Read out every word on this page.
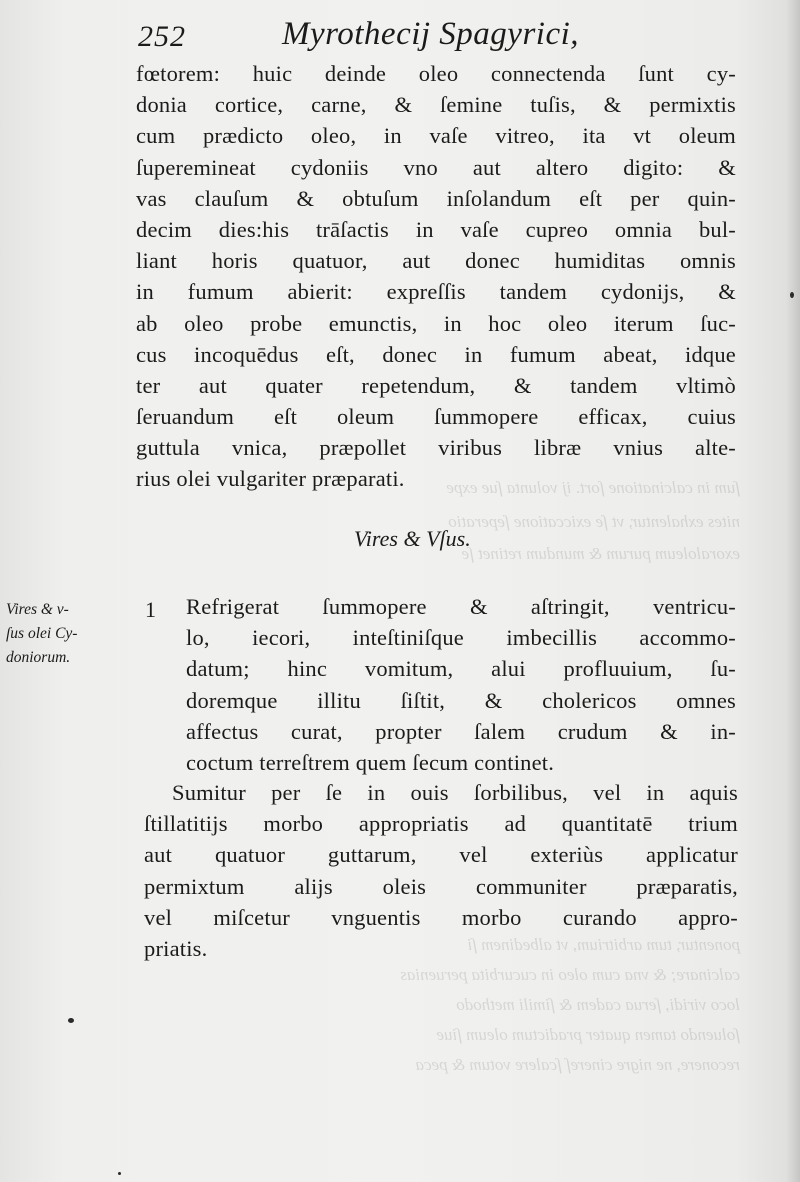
ſum in calcinatione ſort. ij volunta ſue expe
nites exhalentur, vt ſe exiccatione ſeperatio
exoraloleum purum & mundum retinet ſe
ponentur, tum arbitrium, vt albedinem ſi
calcinare; & vna cum oleo in cucurbita peruenias
loco viridi, ſerua cadem & ſimili methodo
ſoluendo tamen quater pradictum oleum ſiue
reconere, ne nigre cinereſ ſcalere votum & peca
252	Myrothecij Spagyrici,
fœtorem: huic deinde oleo connectenda ſunt cy-
donia cortice, carne, & ſemine tuſis, & permixtis
cum prædicto oleo, in vaſe vitreo, ita vt oleum
ſuperemineat cydoniis vno aut altero digito: &
vas clauſum & obtuſum inſolandum eſt per quin-
decim dies:his trāſactis in vaſe cupreo omnia bul-
liant horis quatuor, aut donec humiditas omnis
in fumum abierit: expreſſis tandem cydonijs, &
ab oleo probe emunctis, in hoc oleo iterum ſuc-
cus incoquēdus eſt, donec in fumum abeat, idque
ter aut quater repetendum, & tandem vltimò
ſeruandum eſt oleum ſummopere efficax, cuius
guttula vnica, præpollet viribus libræ vnius alte-
rius olei vulgariter præparati.
Vires & Vſus.
Vires & v-
ſus olei Cy-
doniorum.
1 Refrigerat ſummopere & aſtringit, ventricu-
lo, iecori, inteſtiniſque imbecillis accommo-
datum; hinc vomitum, alui profluuium, ſu-
doremque illitu ſiſtit, & cholericos omnes
affectus curat, propter ſalem crudum & in-
coctum terreſtrem quem ſecum continet.
Sumitur per ſe in ouis ſorbilibus, vel in aquis
ſtillatitijs morbo appropriatis ad quantitatē trium
aut quatuor guttarum, vel exteriùs applicatur
permixtum alijs oleis communiter præparatis,
vel miſcetur vnguentis morbo curando appro-
priatis.
